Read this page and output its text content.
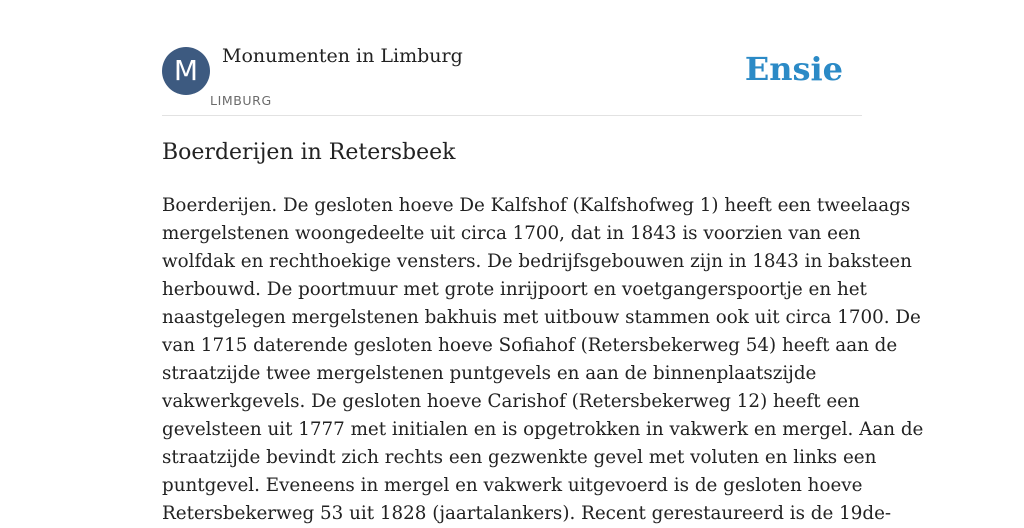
M	Monumenten in Limburg
LIMBURG
Ensie
Boerderijen in Retersbeek

Boerderijen. De gesloten hoeve De Kalfshof (Kalfshofweg 1) heeft een tweelaags
mergelstenen woongedeelte uit circa 1700, dat in 1843 is voorzien van een
wolfdak en rechthoekige vensters. De bedrijfsgebouwen zijn in 1843 in baksteen
herbouwd. De poortmuur met grote inrijpoort en voetgangerspoortje en het
naastgelegen mergelstenen bakhuis met uitbouw stammen ook uit circa 1700. De
van 1715 daterende gesloten hoeve Sofiahof (Retersbekerweg 54) heeft aan de
straatzijde twee mergelstenen puntgevels en aan de binnenplaatszijde
vakwerkgevels. De gesloten hoeve Carishof (Retersbekerweg 12) heeft een
gevelsteen uit 1777 met initialen en is opgetrokken in vakwerk en mergel. Aan de
straatzijde bevindt zich rechts een gezwenkte gevel met voluten en links een
puntgevel. Eveneens in mergel en vakwerk uitgevoerd is de gesloten hoeve
Retersbekerweg 53 uit 1828 (jaartalankers). Recent gerestaureerd is de 19de-
